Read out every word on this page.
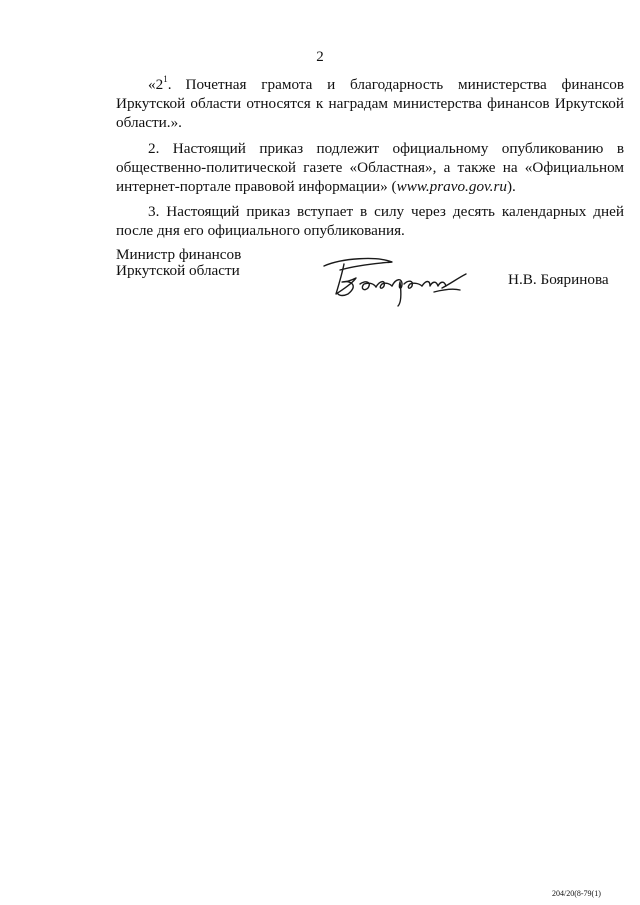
2

«$2^1$. Почетная грамота и благодарность министерства финансов Иркутской области относятся к наградам министерства финансов Иркутской области.».

2. Настоящий приказ подлежит официальному опубликованию в общественно-политической газете «Областная», а также на «Официальном интернет-портале правовой информации» (www.pravo.gov.ru).

3. Настоящий приказ вступает в силу через десять календарных дней после дня его официального опубликования.

Министр финансов
Иркутской области
Н.В. Бояринова
204/20(8-79(1)
